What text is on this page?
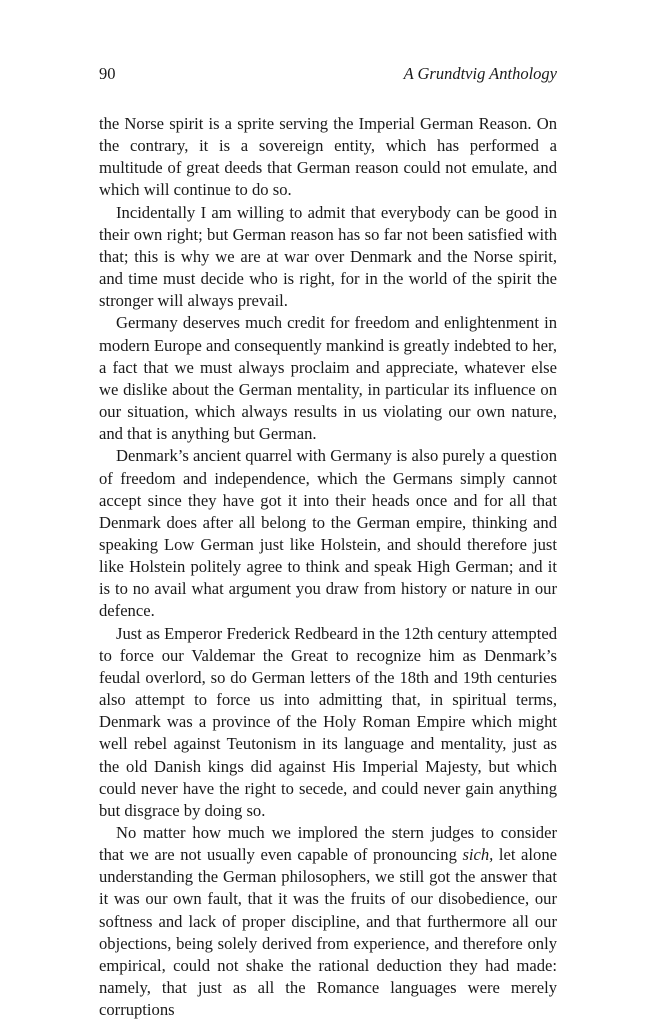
90	A Grundtvig Anthology

the Norse spirit is a sprite serving the Imperial German Reason. On the contrary, it is a sovereign entity, which has performed a multitude of great deeds that German reason could not emulate, and which will continue to do so.

Incidentally I am willing to admit that everybody can be good in their own right; but German reason has so far not been satisfied with that; this is why we are at war over Denmark and the Norse spirit, and time must decide who is right, for in the world of the spirit the stronger will always prevail.

Germany deserves much credit for freedom and enlightenment in modern Europe and consequently mankind is greatly indebted to her, a fact that we must always proclaim and appreciate, whatever else we dislike about the German mentality, in particular its influence on our situation, which always results in us violating our own nature, and that is anything but German.

Denmark’s ancient quarrel with Germany is also purely a question of freedom and independence, which the Germans simply cannot accept since they have got it into their heads once and for all that Denmark does after all belong to the German empire, thinking and speaking Low German just like Holstein, and should therefore just like Holstein politely agree to think and speak High German; and it is to no avail what argument you draw from history or nature in our defence.

Just as Emperor Frederick Redbeard in the 12th century attempted to force our Valdemar the Great to recognize him as Denmark’s feudal overlord, so do German letters of the 18th and 19th centuries also attempt to force us into admitting that, in spiritual terms, Denmark was a province of the Holy Roman Empire which might well rebel against Teutonism in its language and mentality, just as the old Danish kings did against His Imperial Majesty, but which could never have the right to secede, and could never gain anything but disgrace by doing so.

No matter how much we implored the stern judges to consider that we are not usually even capable of pronouncing sich, let alone understanding the German philosophers, we still got the answer that it was our own fault, that it was the fruits of our disobedience, our softness and lack of proper discipline, and that furthermore all our objections, being solely derived from experience, and therefore only empirical, could not shake the rational deduction they had made: namely, that just as all the Romance languages were merely corruptions
